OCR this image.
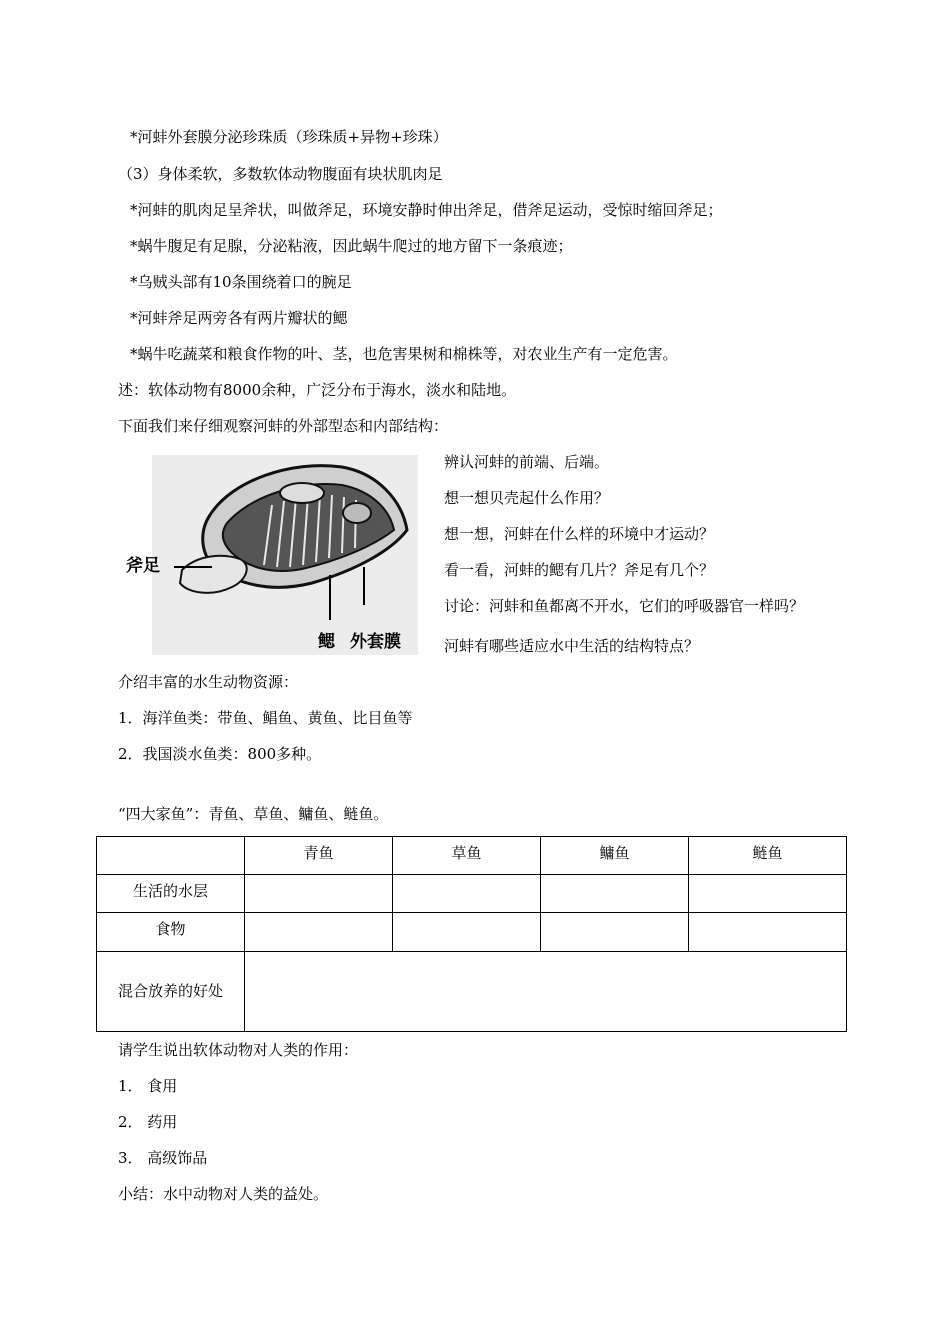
*河蚌外套膜分泌珍珠质（珍珠质+异物+珍珠）
（3）身体柔软，多数软体动物腹面有块状肌肉足
*河蚌的肌肉足呈斧状，叫做斧足，环境安静时伸出斧足，借斧足运动，受惊时缩回斧足；
*蜗牛腹足有足腺，分泌粘液，因此蜗牛爬过的地方留下一条痕迹；
*乌贼头部有10条围绕着口的腕足
*河蚌斧足两旁各有两片瓣状的鳃
*蜗牛吃蔬菜和粮食作物的叶、茎，也危害果树和棉株等，对农业生产有一定危害。
述：软体动物有8000余种，广泛分布于海水，淡水和陆地。
下面我们来仔细观察河蚌的外部型态和内部结构：
斧足
鳃 外套膜
辨认河蚌的前端、后端。
想一想贝壳起什么作用？
想一想，河蚌在什么样的环境中才运动？
看一看，河蚌的鳃有几片？斧足有几个？
讨论：河蚌和鱼都离不开水，它们的呼吸器官一样吗？
河蚌有哪些适应水中生活的结构特点？
介绍丰富的水生动物资源：
1．海洋鱼类：带鱼、鲳鱼、黄鱼、比目鱼等
2．我国淡水鱼类：800多种。
“四大家鱼”：青鱼、草鱼、鳙鱼、鲢鱼。
	青鱼	草鱼	鳙鱼	鲢鱼
生活的水层				
食物				
混合放养的好处				
请学生说出软体动物对人类的作用：
1． 食用
2． 药用
3． 高级饰品
小结：水中动物对人类的益处。
